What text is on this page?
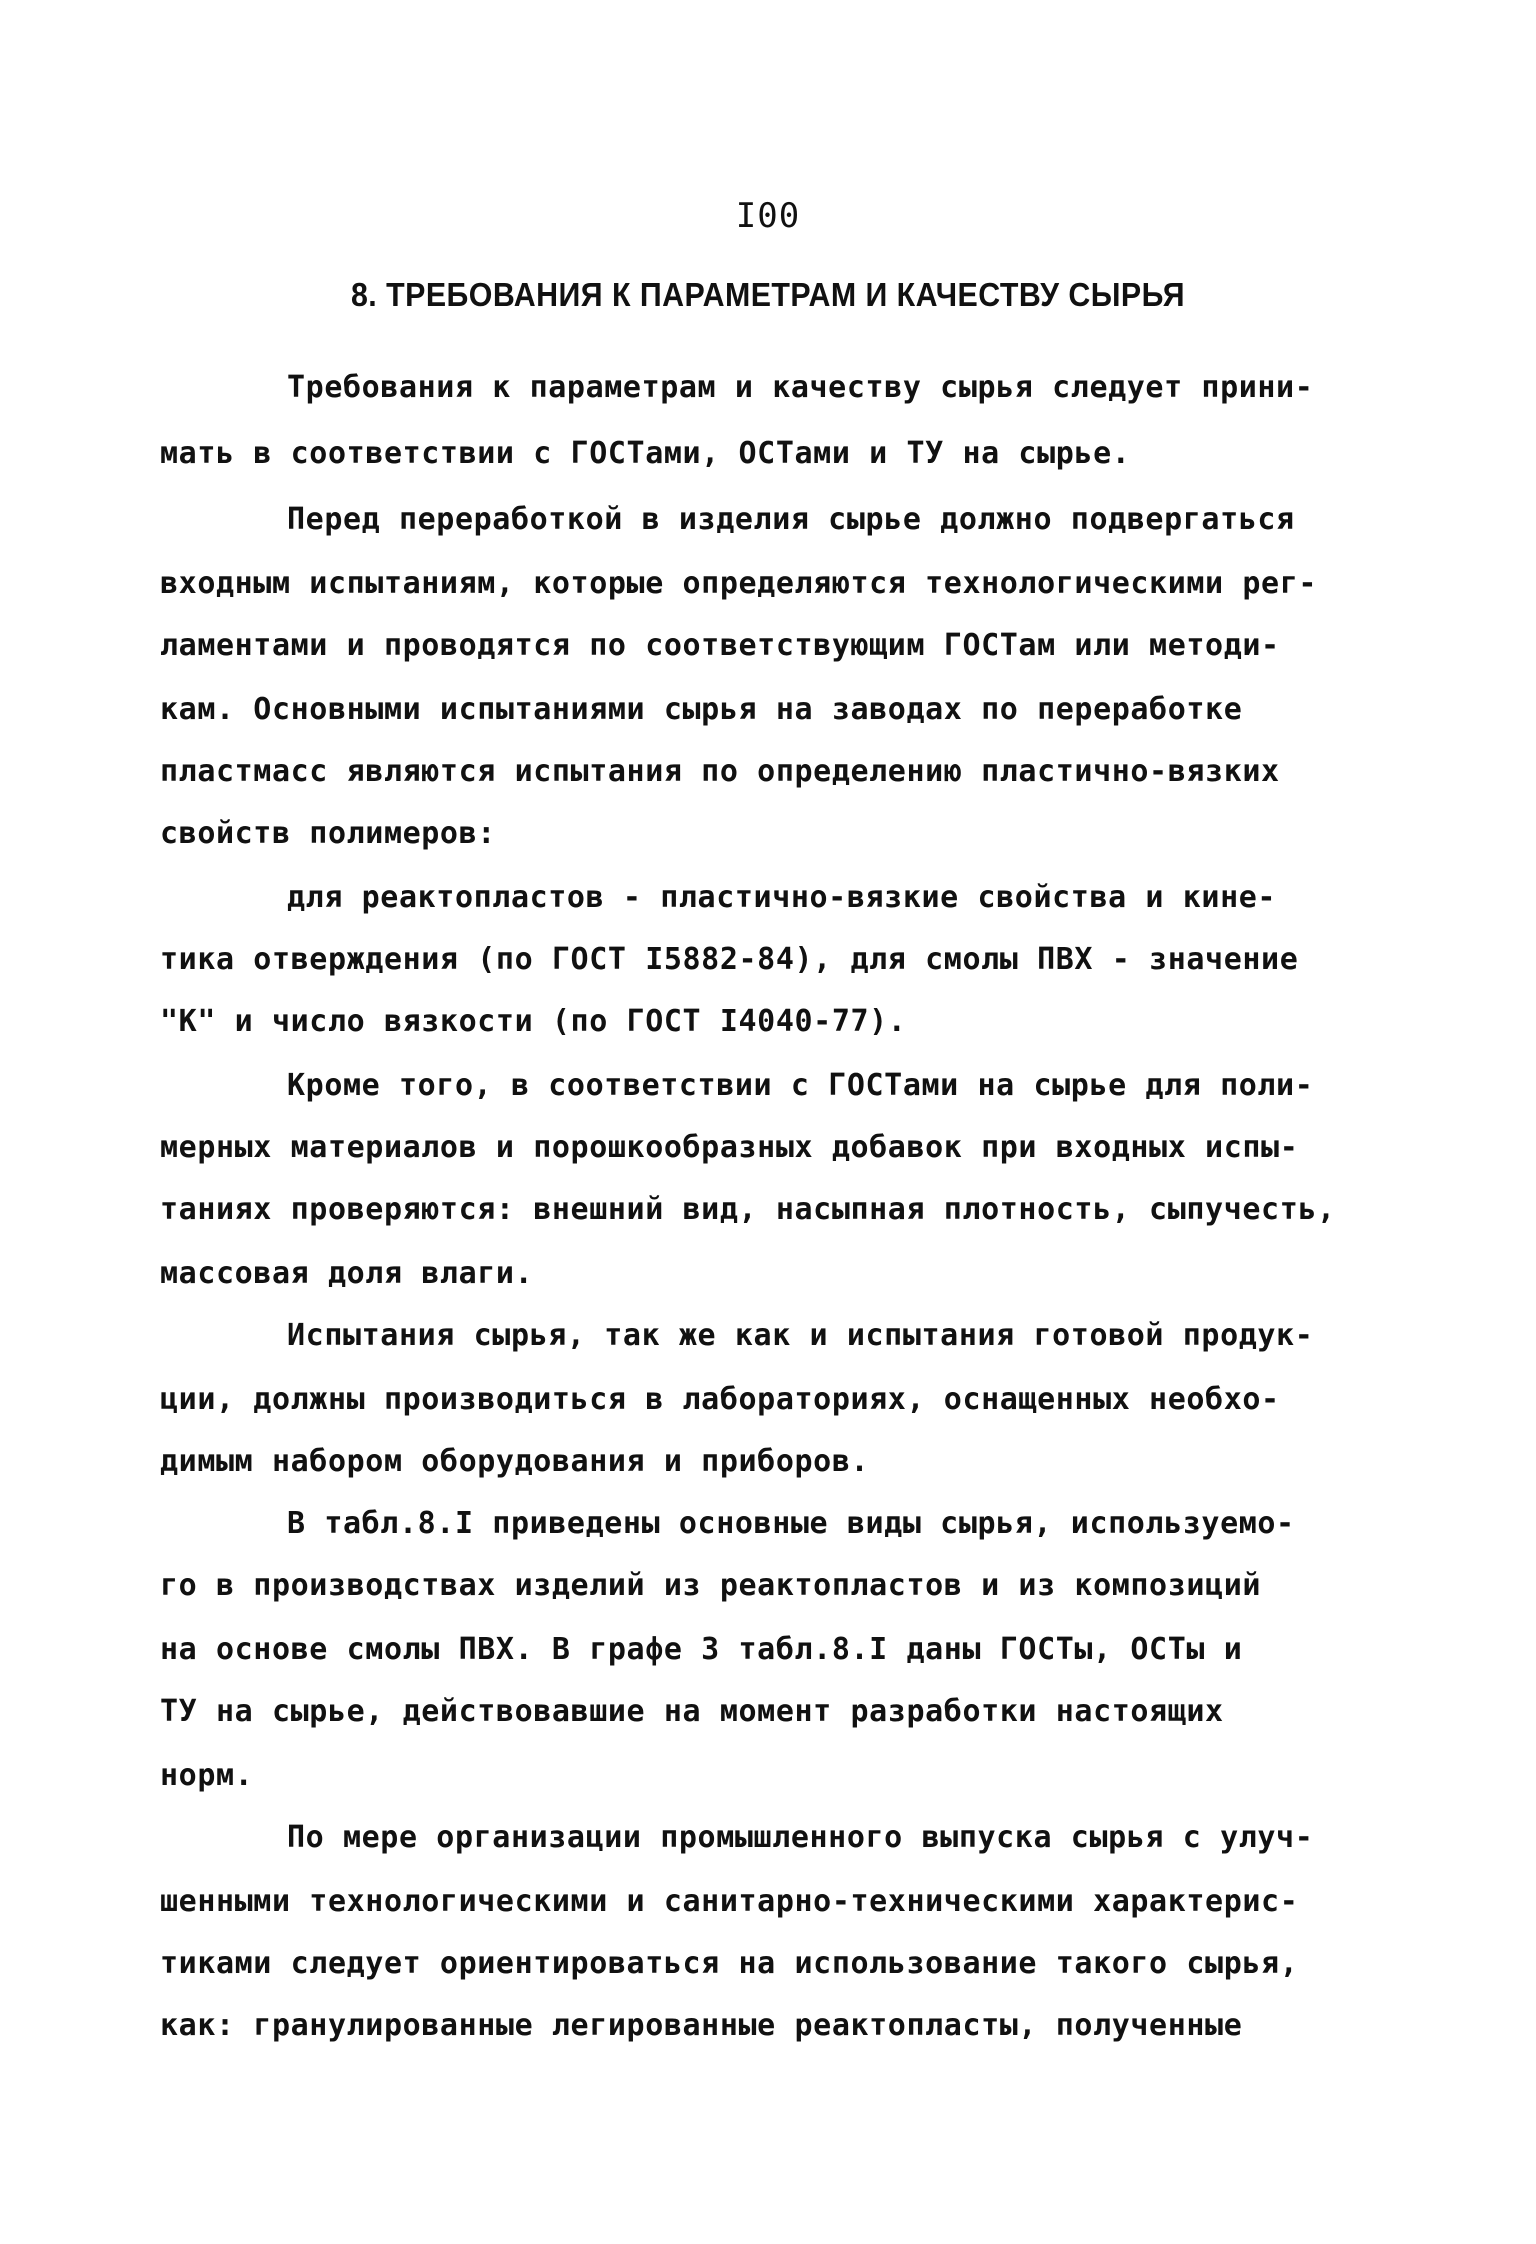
I00
8. ТРЕБОВАНИЯ К ПАРАМЕТРАМ И КАЧЕСТВУ СЫРЬЯ
Требования к параметрам и качеству сырья следует прини-
мать в соответствии с ГОСТами, ОСТами и ТУ на сырье.
Перед переработкой в изделия сырье должно подвергаться
входным испытаниям, которые определяются технологическими рег-
ламентами и проводятся по соответствующим ГОСТам или методи-
кам. Основными испытаниями сырья на заводах по переработке
пластмасс являются испытания по определению пластично-вязких
свойств полимеров:
для реактопластов - пластично-вязкие свойства и кине-
тика отверждения (по ГОСТ I5882-84), для смолы ПВХ - значение
"К" и число вязкости (по ГОСТ I4040-77).
Кроме того, в соответствии с ГОСТами на сырье для поли-
мерных материалов и порошкообразных добавок при входных испы-
таниях проверяются: внешний вид, насыпная плотность, сыпучесть,
массовая доля влаги.
Испытания сырья, так же как и испытания готовой продук-
ции, должны производиться в лабораториях, оснащенных необхо-
димым набором оборудования и приборов.
В табл.8.I приведены основные виды сырья, используемо-
го в производствах изделий из реактопластов и из композиций
на основе смолы ПВХ. В графе 3 табл.8.I даны ГОСТы, ОСТы и
ТУ на сырье, действовавшие на момент разработки настоящих
норм.
По мере организации промышленного выпуска сырья с улуч-
шенными технологическими и санитарно-техническими характерис-
тиками следует ориентироваться на использование такого сырья,
как: гранулированные легированные реактопласты, полученные
